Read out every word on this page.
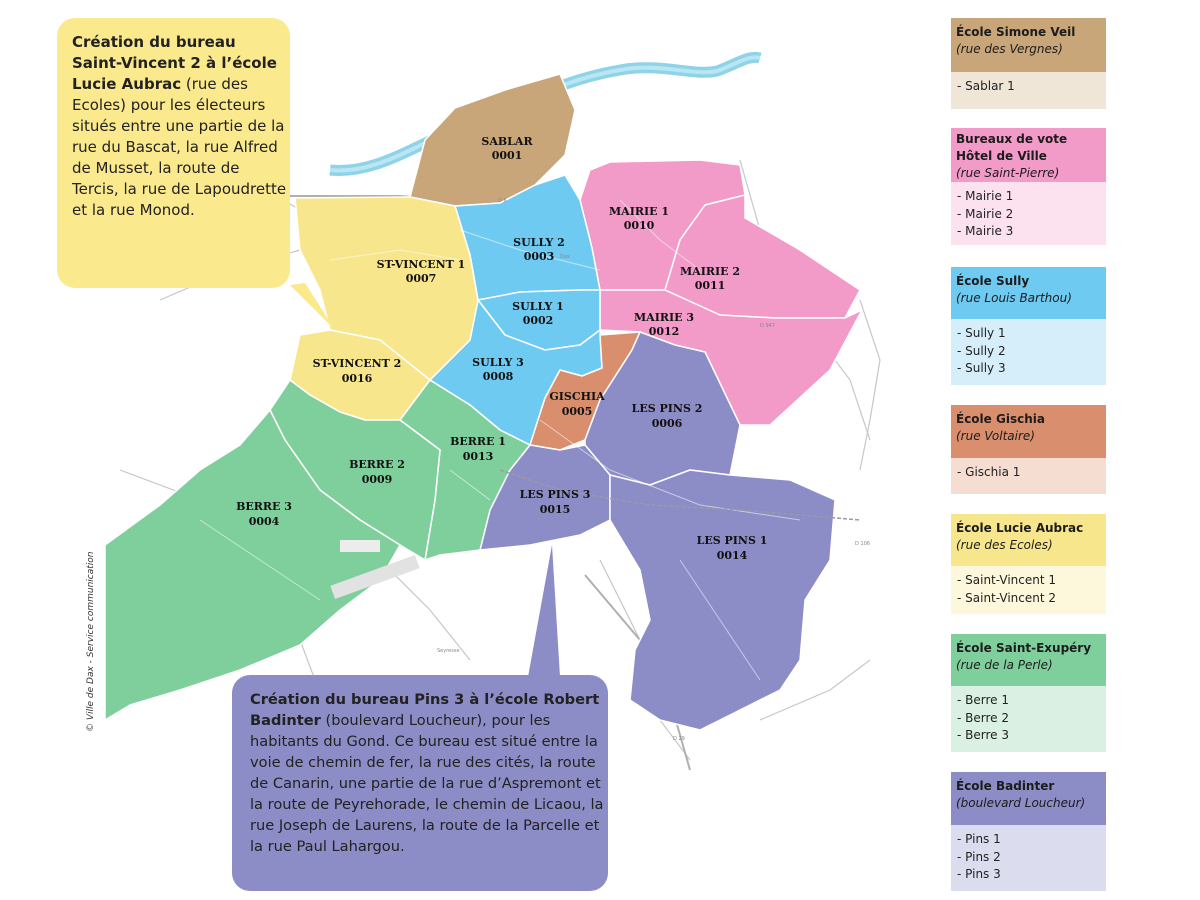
Dax
Seyresse
D 6
D 29
D 106
D 947
SABLAR
0001
MAIRIE 1
0010
MAIRIE 2
0011
MAIRIE 3
0012
SULLY 2
0003
SULLY 1
0002
SULLY 3
0008
ST-VINCENT 1
0007
ST-VINCENT 2
0016
GISCHIA
0005	LES PINS 2
0006
LES PINS 3
0015
LES PINS 1
0014
BERRE 1
0013
BERRE 2
0009
BERRE 3
0004
Création du bureau Saint-Vincent 2 à l’école Lucie Aubrac (rue des Ecoles) pour les électeurs situés entre une partie de la rue du Bascat, la rue Alfred de Musset, la route de Tercis, la rue de Lapoudrette et la rue Monod.
Création du bureau Pins 3 à l’école Robert Badinter (boulevard Loucheur), pour les habitants du Gond. Ce bureau est situé entre la voie de chemin de fer, la rue des cités, la route de Canarin, une partie de la rue d’Aspremont et la route de Peyrehorade, le chemin de Licaou, la rue Joseph de Laurens, la route de la Parcelle et la rue Paul Lahargou.
© Ville de Dax - Service communication
École Simone Veil
(rue des Vergnes)
- Sablar 1
Bureaux de vote Hôtel de Ville
(rue Saint-Pierre)
- Mairie 1
- Mairie 2
- Mairie 3
École Sully
(rue Louis Barthou)
- Sully 1
- Sully 2
- Sully 3
École Gischia
(rue Voltaire)
- Gischia 1
École Lucie Aubrac
(rue des Ecoles)
- Saint-Vincent 1
- Saint-Vincent 2
École Saint-Exupéry
(rue de la Perle)
- Berre 1
- Berre 2
- Berre 3
École Badinter
(boulevard Loucheur)
- Pins 1
- Pins 2
- Pins 3
